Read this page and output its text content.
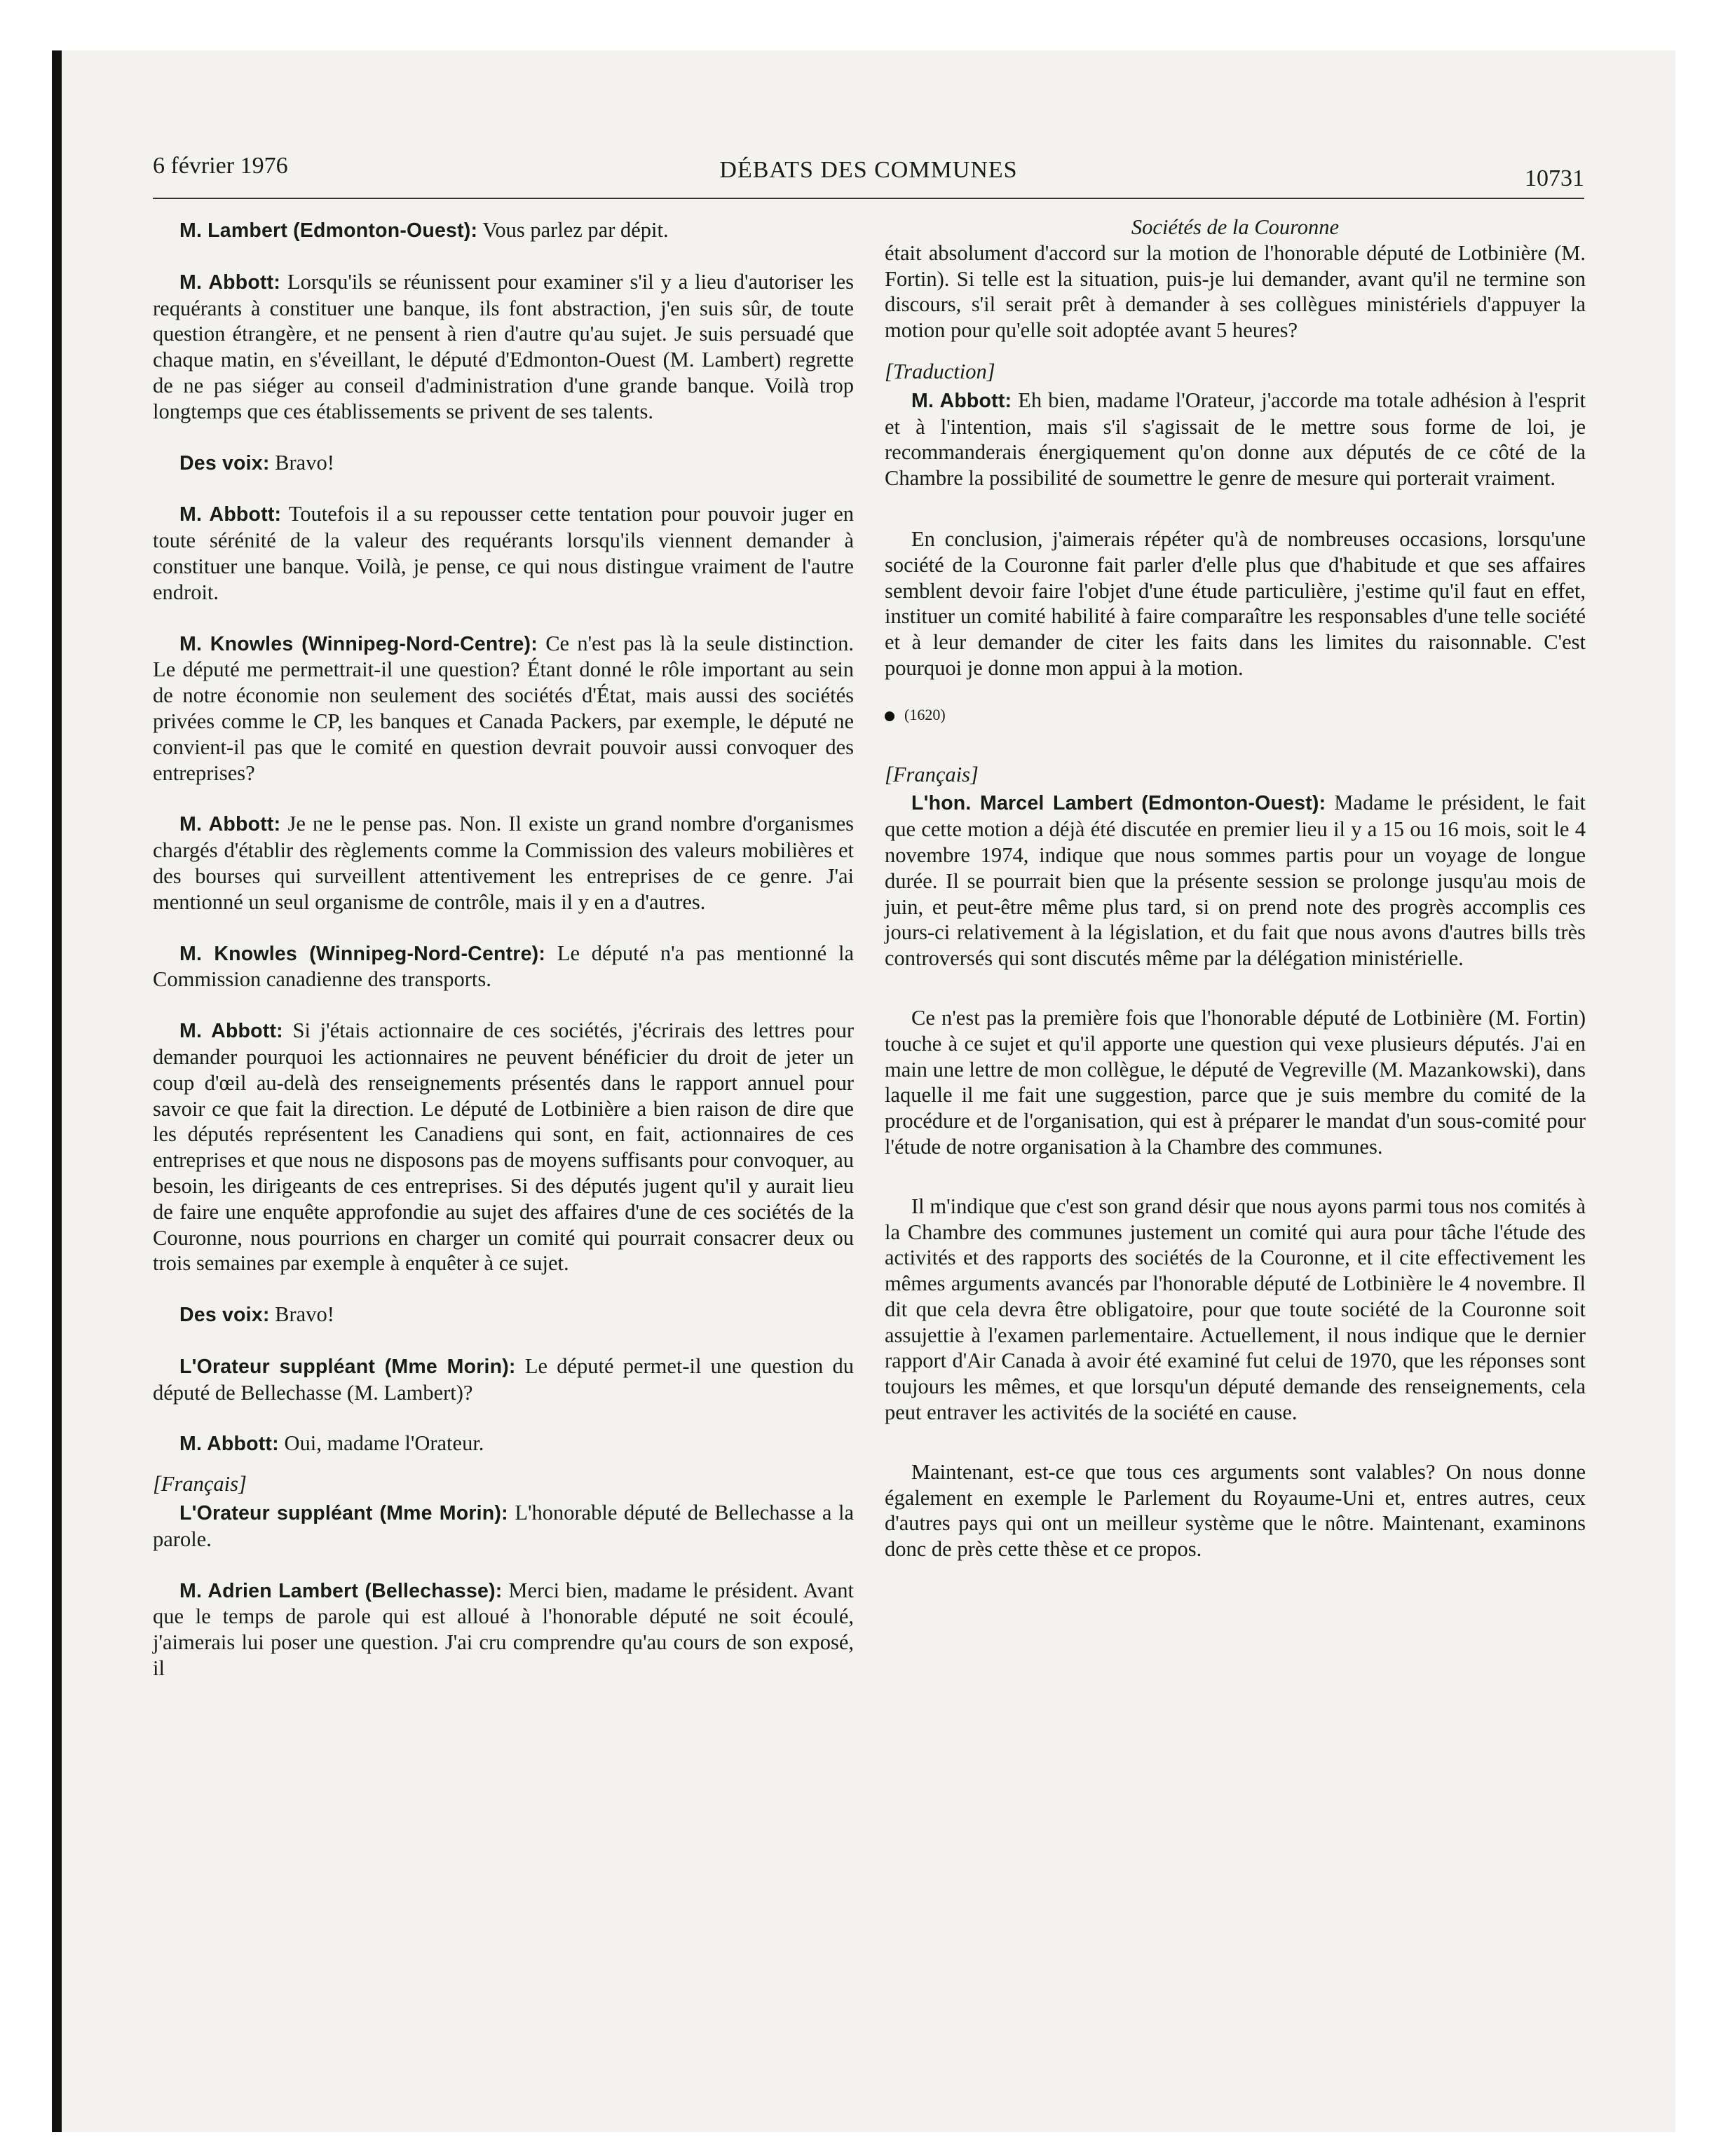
6 février 1976	DÉBATS DES COMMUNES	10731

M. Lambert (Edmonton-Ouest): Vous parlez par dépit.

M. Abbott: Lorsqu'ils se réunissent pour examiner s'il y a lieu d'autoriser les requérants à constituer une banque, ils font abstraction, j'en suis sûr, de toute question étrangère, et ne pensent à rien d'autre qu'au sujet. Je suis persuadé que chaque matin, en s'éveillant, le député d'Edmonton-Ouest (M. Lambert) regrette de ne pas siéger au conseil d'administration d'une grande banque. Voilà trop longtemps que ces établissements se privent de ses talents.

Des voix: Bravo!

M. Abbott: Toutefois il a su repousser cette tentation pour pouvoir juger en toute sérénité de la valeur des requérants lorsqu'ils viennent demander à constituer une banque. Voilà, je pense, ce qui nous distingue vraiment de l'autre endroit.

M. Knowles (Winnipeg-Nord-Centre): Ce n'est pas là la seule distinction. Le député me permettrait-il une question? Étant donné le rôle important au sein de notre économie non seulement des sociétés d'État, mais aussi des sociétés privées comme le CP, les banques et Canada Packers, par exemple, le député ne convient-il pas que le comité en question devrait pouvoir aussi convoquer des entreprises?

M. Abbott: Je ne le pense pas. Non. Il existe un grand nombre d'organismes chargés d'établir des règlements comme la Commission des valeurs mobilières et des bourses qui surveillent attentivement les entreprises de ce genre. J'ai mentionné un seul organisme de contrôle, mais il y en a d'autres.

M. Knowles (Winnipeg-Nord-Centre): Le député n'a pas mentionné la Commission canadienne des transports.

M. Abbott: Si j'étais actionnaire de ces sociétés, j'écrirais des lettres pour demander pourquoi les actionnaires ne peuvent bénéficier du droit de jeter un coup d'œil au-delà des renseignements présentés dans le rapport annuel pour savoir ce que fait la direction. Le député de Lotbinière a bien raison de dire que les députés représentent les Canadiens qui sont, en fait, actionnaires de ces entreprises et que nous ne disposons pas de moyens suffisants pour convoquer, au besoin, les dirigeants de ces entreprises. Si des députés jugent qu'il y aurait lieu de faire une enquête approfondie au sujet des affaires d'une de ces sociétés de la Couronne, nous pourrions en charger un comité qui pourrait consacrer deux ou trois semaines par exemple à enquêter à ce sujet.

Des voix: Bravo!

L'Orateur suppléant (Mme Morin): Le député permet-il une question du député de Bellechasse (M. Lambert)?

M. Abbott: Oui, madame l'Orateur.

[Français]

L'Orateur suppléant (Mme Morin): L'honorable député de Bellechasse a la parole.

M. Adrien Lambert (Bellechasse): Merci bien, madame le président. Avant que le temps de parole qui est alloué à l'honorable député ne soit écoulé, j'aimerais lui poser une question. J'ai cru comprendre qu'au cours de son exposé, il

Sociétés de la Couronne

était absolument d'accord sur la motion de l'honorable député de Lotbinière (M. Fortin). Si telle est la situation, puis-je lui demander, avant qu'il ne termine son discours, s'il serait prêt à demander à ses collègues ministériels d'appuyer la motion pour qu'elle soit adoptée avant 5 heures?

[Traduction]

M. Abbott: Eh bien, madame l'Orateur, j'accorde ma totale adhésion à l'esprit et à l'intention, mais s'il s'agissait de le mettre sous forme de loi, je recommanderais énergiquement qu'on donne aux députés de ce côté de la Chambre la possibilité de soumettre le genre de mesure qui porterait vraiment.

En conclusion, j'aimerais répéter qu'à de nombreuses occasions, lorsqu'une société de la Couronne fait parler d'elle plus que d'habitude et que ses affaires semblent devoir faire l'objet d'une étude particulière, j'estime qu'il faut en effet, instituer un comité habilité à faire comparaître les responsables d'une telle société et à leur demander de citer les faits dans les limites du raisonnable. C'est pourquoi je donne mon appui à la motion.

(1620)
[Français]

L'hon. Marcel Lambert (Edmonton-Ouest): Madame le président, le fait que cette motion a déjà été discutée en premier lieu il y a 15 ou 16 mois, soit le 4 novembre 1974, indique que nous sommes partis pour un voyage de longue durée. Il se pourrait bien que la présente session se prolonge jusqu'au mois de juin, et peut-être même plus tard, si on prend note des progrès accomplis ces jours-ci relativement à la législation, et du fait que nous avons d'autres bills très controversés qui sont discutés même par la délégation ministérielle.

Ce n'est pas la première fois que l'honorable député de Lotbinière (M. Fortin) touche à ce sujet et qu'il apporte une question qui vexe plusieurs députés. J'ai en main une lettre de mon collègue, le député de Vegreville (M. Mazankowski), dans laquelle il me fait une suggestion, parce que je suis membre du comité de la procédure et de l'organisation, qui est à préparer le mandat d'un sous-comité pour l'étude de notre organisation à la Chambre des communes.

Il m'indique que c'est son grand désir que nous ayons parmi tous nos comités à la Chambre des communes justement un comité qui aura pour tâche l'étude des activités et des rapports des sociétés de la Couronne, et il cite effectivement les mêmes arguments avancés par l'honorable député de Lotbinière le 4 novembre. Il dit que cela devra être obligatoire, pour que toute société de la Couronne soit assujettie à l'examen parlementaire. Actuellement, il nous indique que le dernier rapport d'Air Canada à avoir été examiné fut celui de 1970, que les réponses sont toujours les mêmes, et que lorsqu'un député demande des renseignements, cela peut entraver les activités de la société en cause.

Maintenant, est-ce que tous ces arguments sont valables? On nous donne également en exemple le Parlement du Royaume-Uni et, entres autres, ceux d'autres pays qui ont un meilleur système que le nôtre. Maintenant, examinons donc de près cette thèse et ce propos.
